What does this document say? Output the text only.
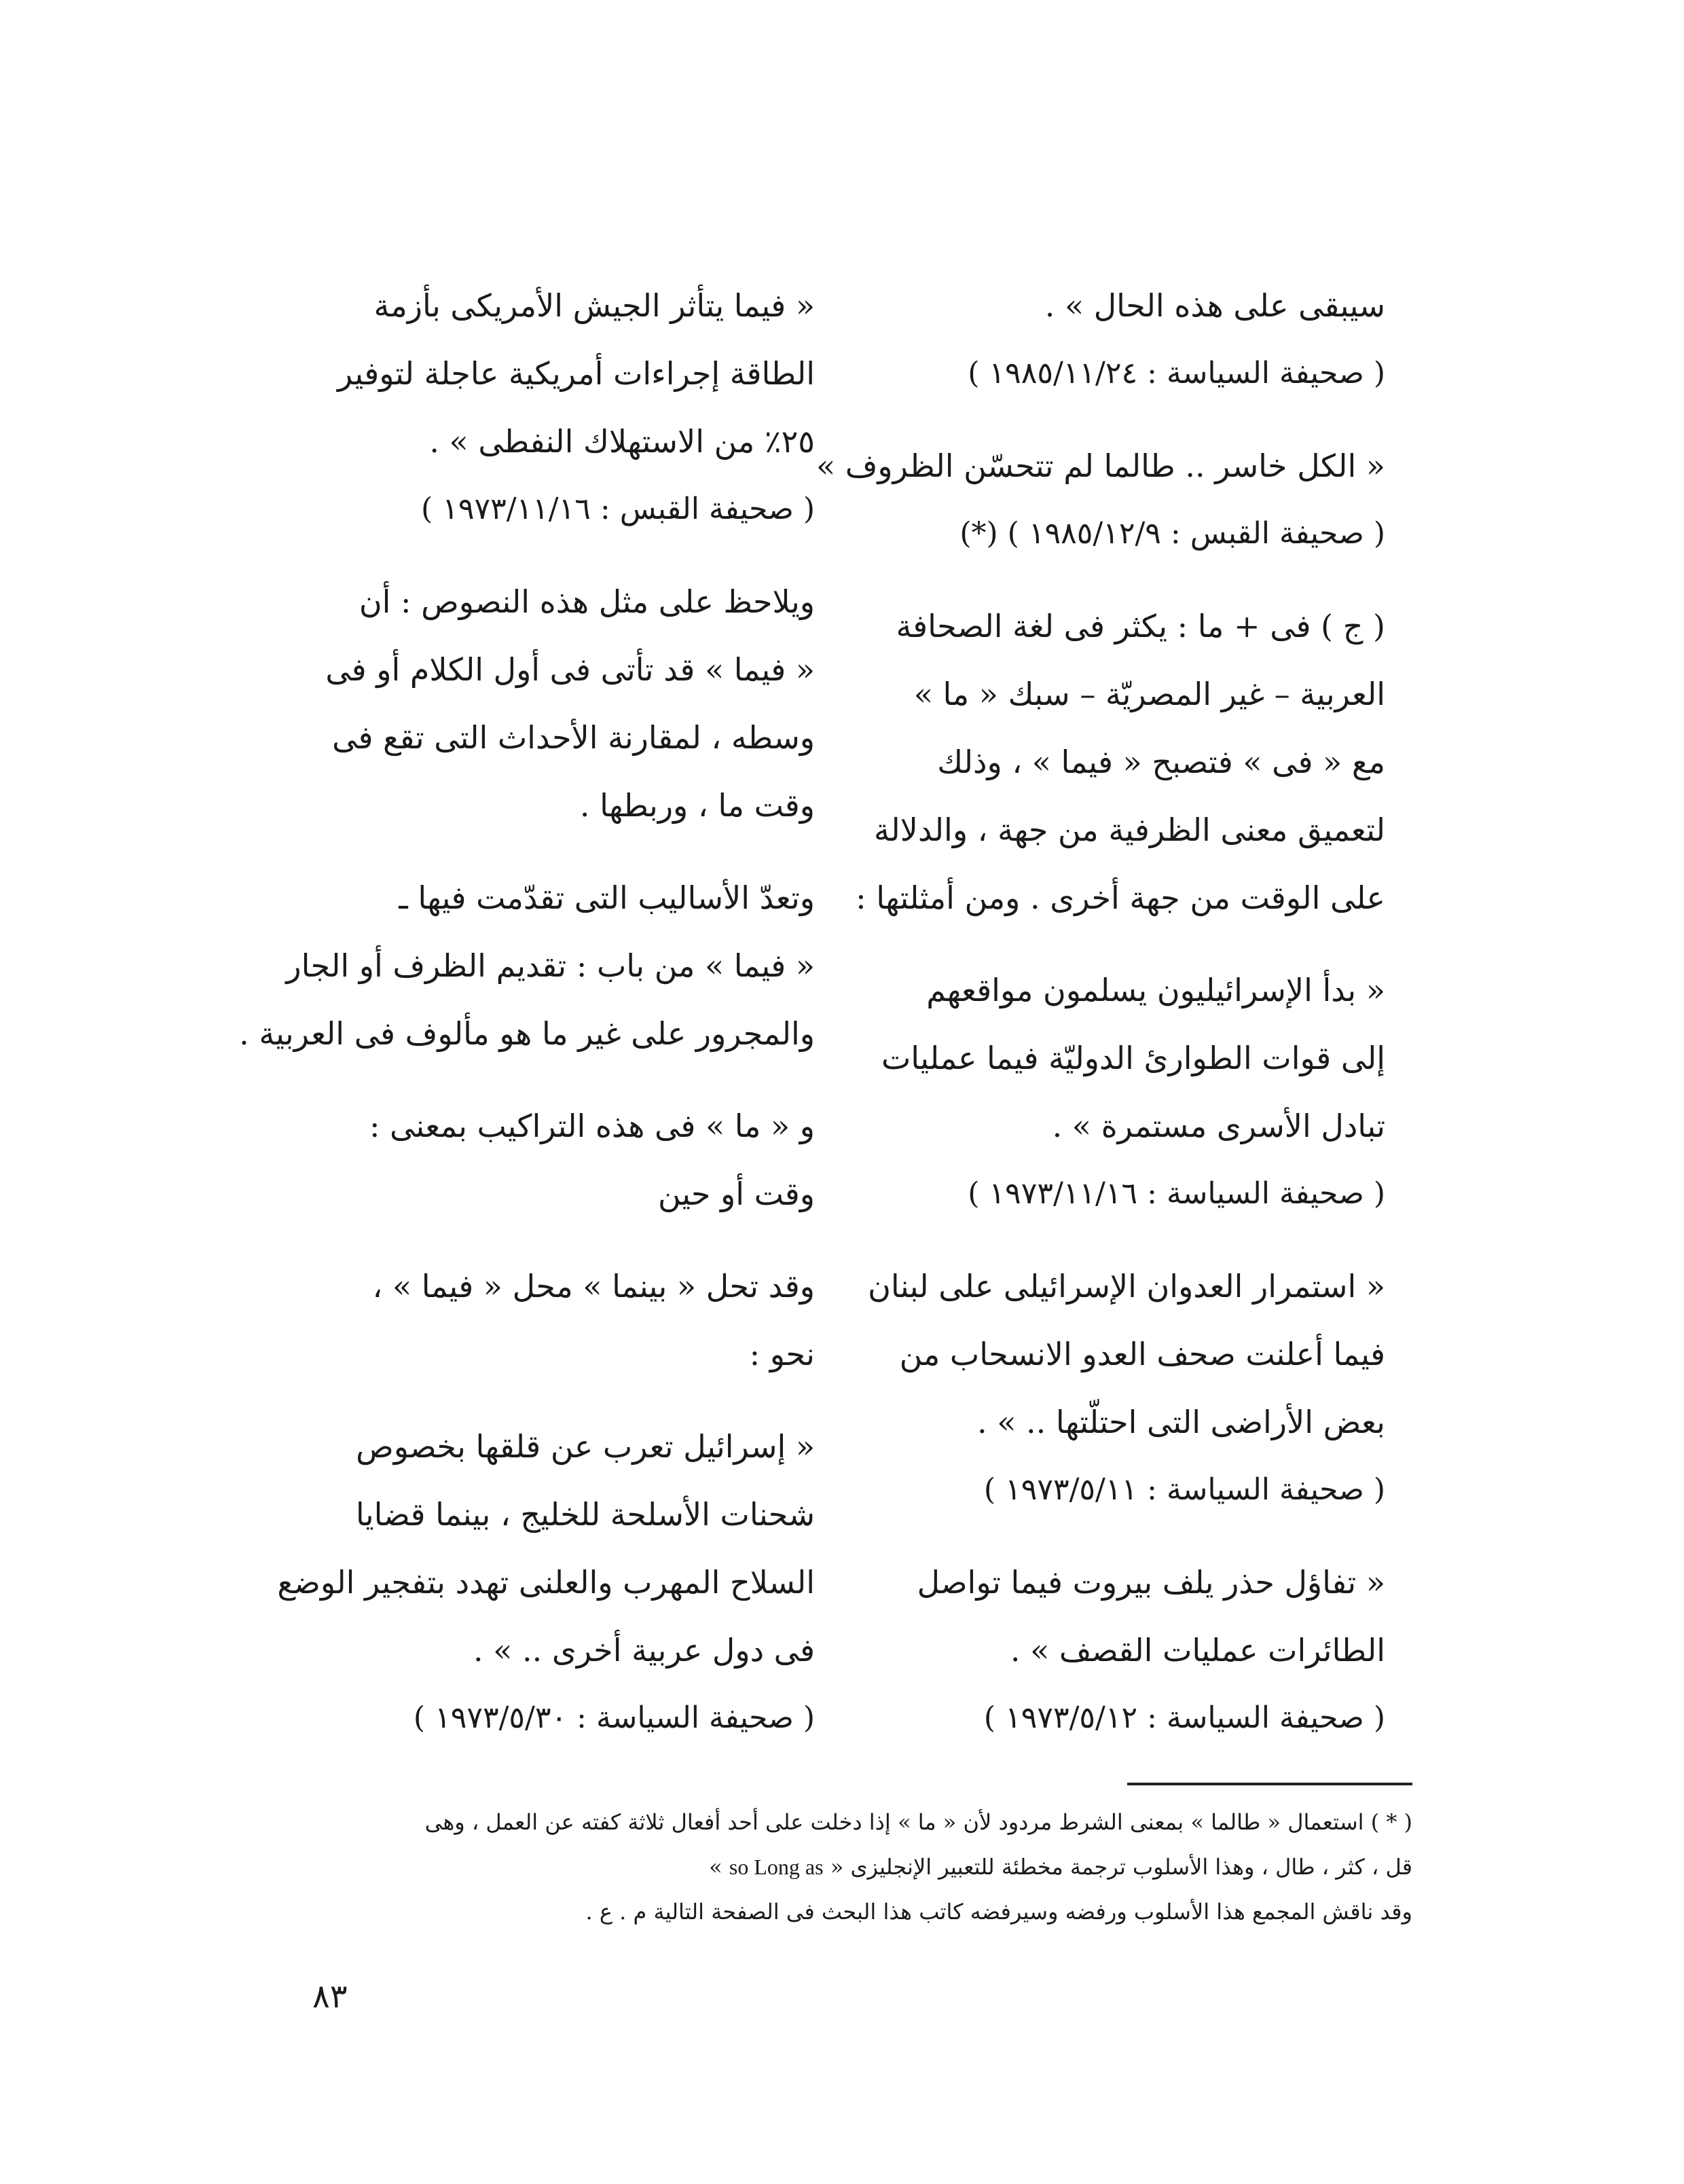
سيبقى على هذه الحال » .
( صحيفة السياسة : ١٩٨٥/١١/٢٤ )
« الكل خاسر .. طالما لم تتحسّن الظروف »
( صحيفة القبس : ١٩٨٥/١٢/٩ ) (*)
( ج ) فى + ما : يكثر فى لغة الصحافة
العربية – غير المصريّة – سبك « ما »
مع « فى » فتصبح « فيما » ، وذلك
لتعميق معنى الظرفية من جهة ، والدلالة
على الوقت من جهة أخرى . ومن أمثلتها :
« بدأ الإسرائيليون يسلمون مواقعهم
إلى قوات الطوارئ الدوليّة فيما عمليات
تبادل الأسرى مستمرة » .
( صحيفة السياسة : ١٩٧٣/١١/١٦ )
« استمرار العدوان الإسرائيلى على لبنان
فيما أعلنت صحف العدو الانسحاب من
بعض الأراضى التى احتلّتها .. » .
( صحيفة السياسة : ١٩٧٣/٥/١١ )
« تفاؤل حذر يلف بيروت فيما تواصل
الطائرات عمليات القصف » .
( صحيفة السياسة : ١٩٧٣/٥/١٢ )
« فيما يتأثر الجيش الأمريكى بأزمة
الطاقة إجراءات أمريكية عاجلة لتوفير
٢٥٪ من الاستهلاك النفطى » .
( صحيفة القبس : ١٩٧٣/١١/١٦ )
ويلاحظ على مثل هذه النصوص : أن
« فيما » قد تأتى فى أول الكلام أو فى
وسطه ، لمقارنة الأحداث التى تقع فى
وقت ما ، وربطها .
وتعدّ الأساليب التى تقدّمت فيها ـ
« فيما » من باب : تقديم الظرف أو الجار
والمجرور على غير ما هو مألوف فى العربية .
و « ما » فى هذه التراكيب بمعنى :
وقت أو حين
وقد تحل « بينما » محل « فيما » ،
نحو :
« إسرائيل تعرب عن قلقها بخصوص
شحنات الأسلحة للخليج ، بينما قضايا
السلاح المهرب والعلنى تهدد بتفجير الوضع
فى دول عربية أخرى .. » .
( صحيفة السياسة : ١٩٧٣/٥/٣٠ )
( * ) استعمال « طالما » بمعنى الشرط مردود لأن « ما » إذا دخلت على أحد أفعال ثلاثة كفته عن العمل ، وهى
قل ، كثر ، طال ، وهذا الأسلوب ترجمة مخطئة للتعبير الإنجليزى « so Long as »
وقد ناقش المجمع هذا الأسلوب ورفضه وسيرفضه كاتب هذا البحث فى الصفحة التالية م . ع .
٨٣
